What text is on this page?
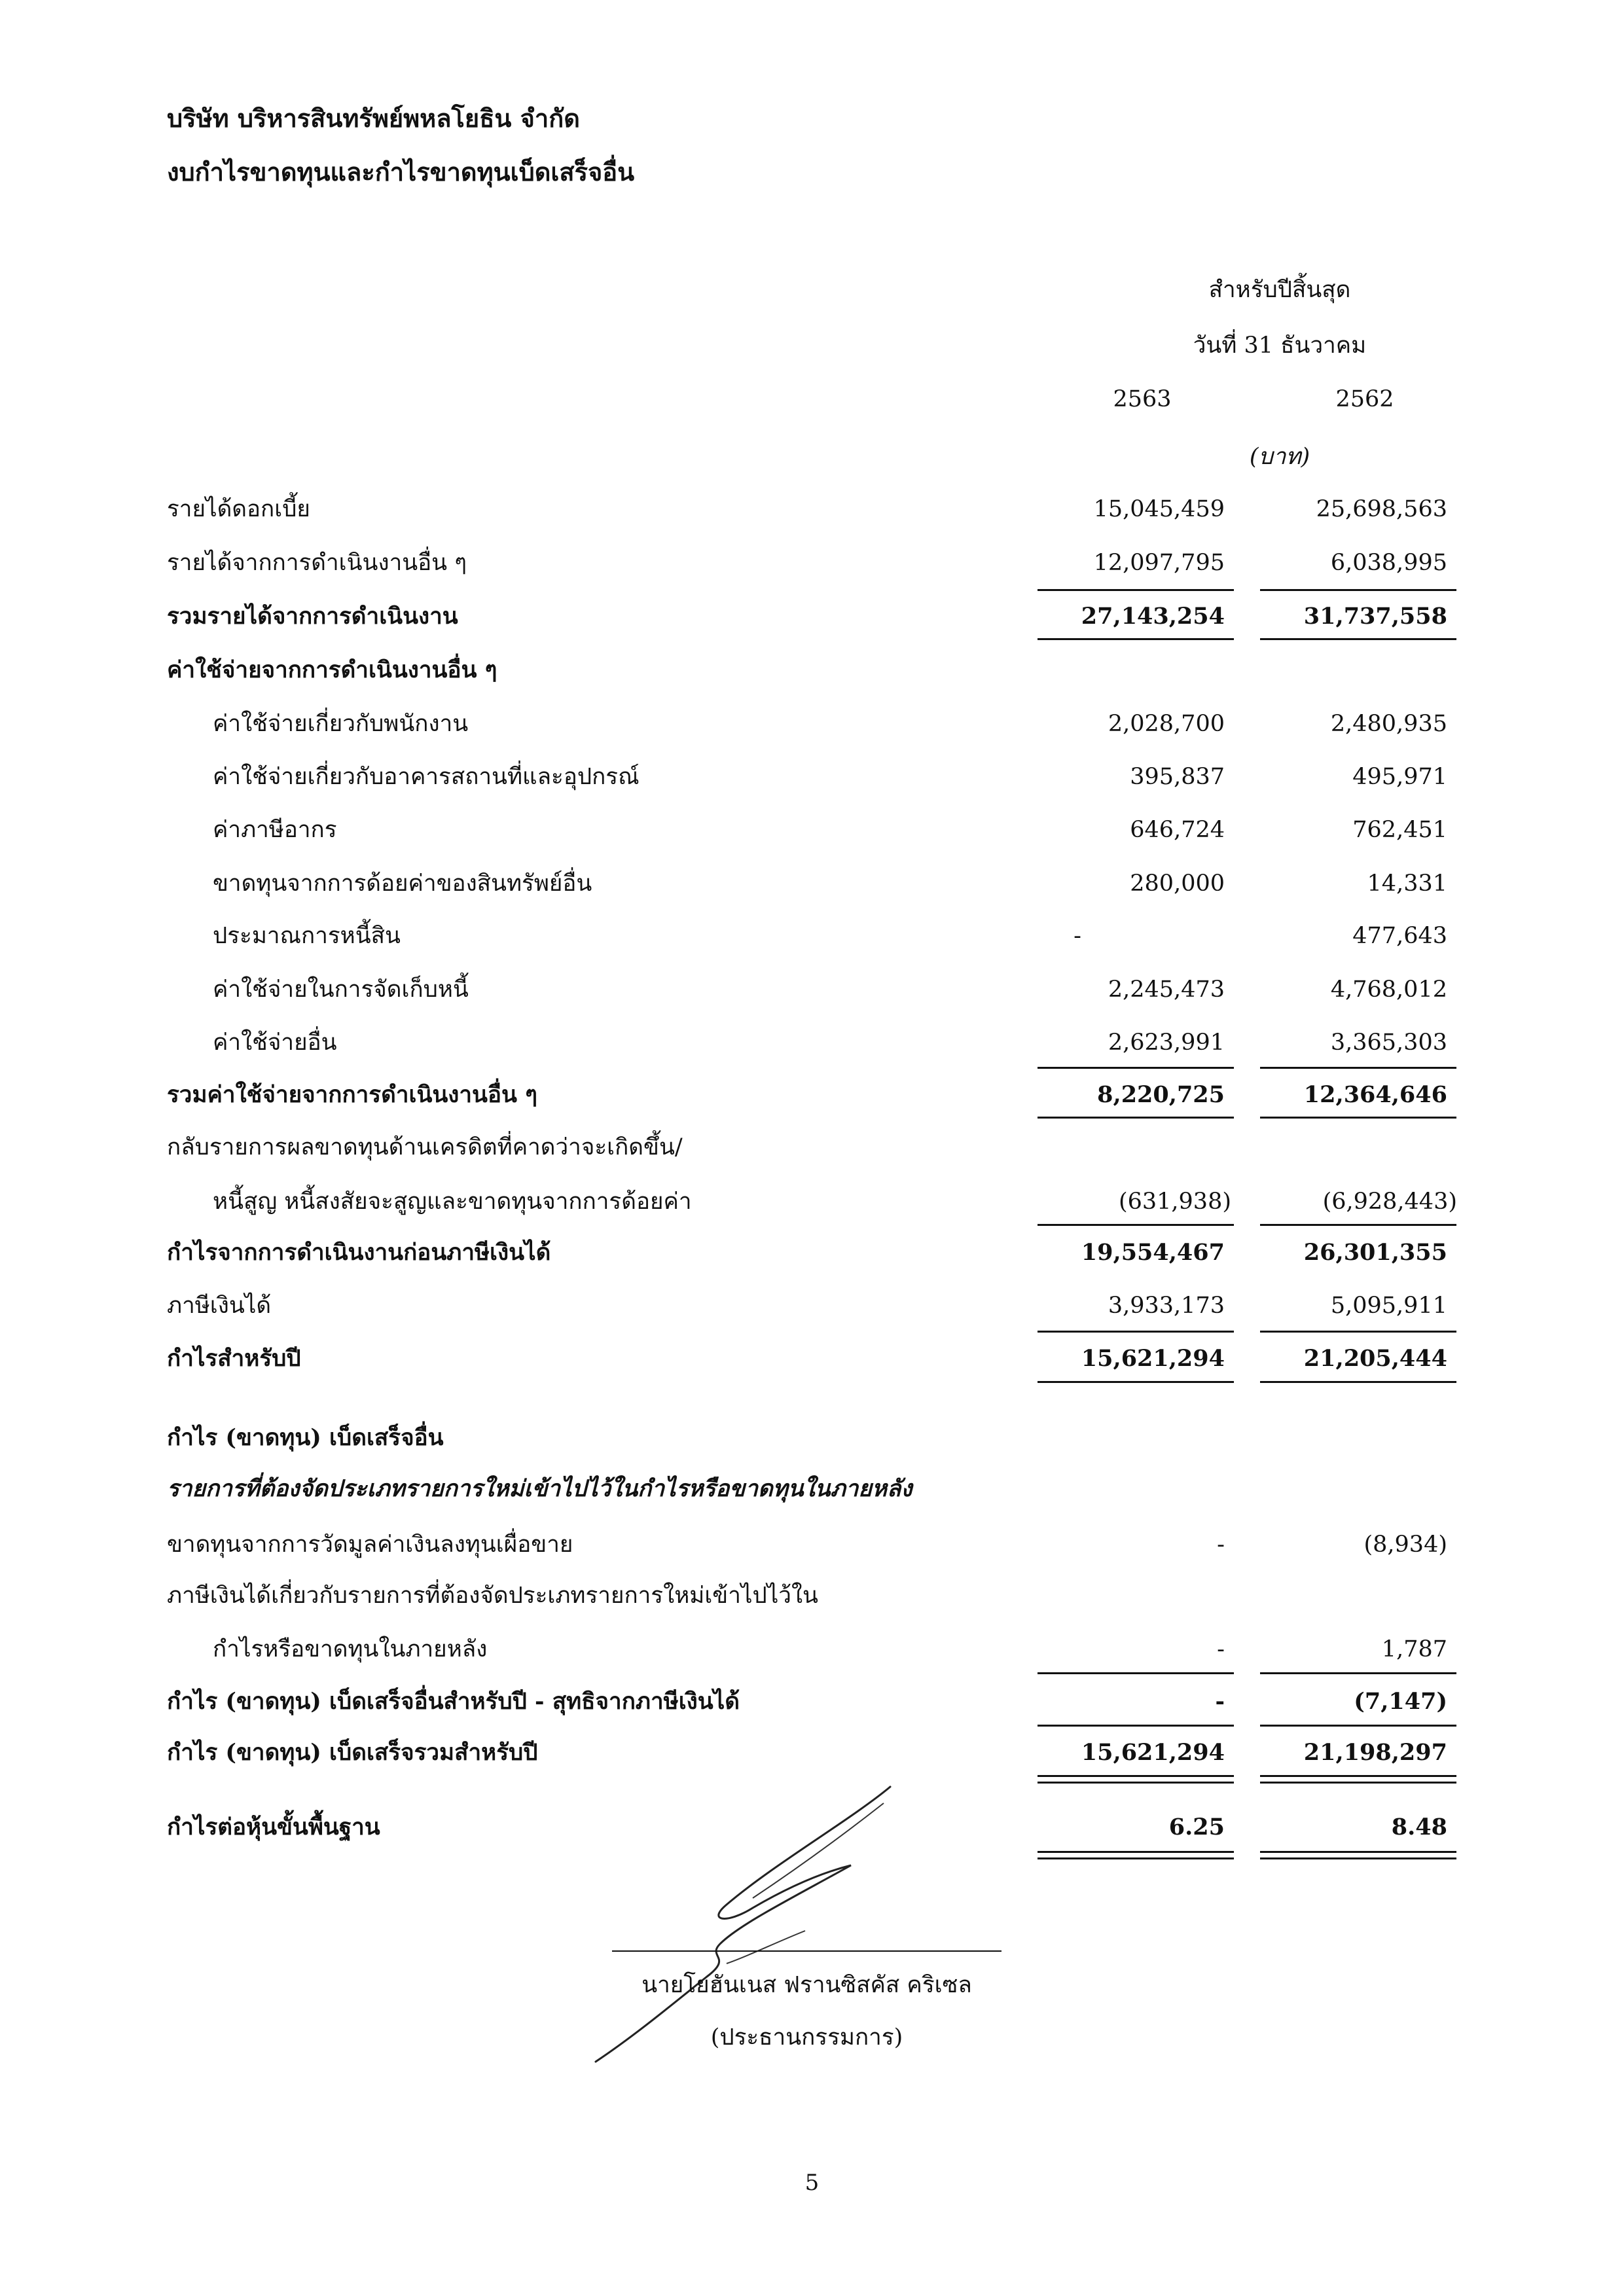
บริษัท บริหารสินทรัพย์พหลโยธิน จำกัด
งบกำไรขาดทุนและกำไรขาดทุนเบ็ดเสร็จอื่น
สำหรับปีสิ้นสุด
วันที่ 31 ธันวาคม
2563	2562
(บาท)
รายได้ดอกเบี้ย	15,045,459	25,698,563
รายได้จากการดำเนินงานอื่น ๆ	12,097,795	6,038,995
รวมรายได้จากการดำเนินงาน	27,143,254	31,737,558
ค่าใช้จ่ายจากการดำเนินงานอื่น ๆ
ค่าใช้จ่ายเกี่ยวกับพนักงาน	2,028,700	2,480,935
ค่าใช้จ่ายเกี่ยวกับอาคารสถานที่และอุปกรณ์	395,837	495,971
ค่าภาษีอากร	646,724	762,451
ขาดทุนจากการด้อยค่าของสินทรัพย์อื่น	280,000	14,331
ประมาณการหนี้สิน	-	477,643
ค่าใช้จ่ายในการจัดเก็บหนี้	2,245,473	4,768,012
ค่าใช้จ่ายอื่น	2,623,991	3,365,303
รวมค่าใช้จ่ายจากการดำเนินงานอื่น ๆ	8,220,725	12,364,646
กลับรายการผลขาดทุนด้านเครดิตที่คาดว่าจะเกิดขึ้น/
หนี้สูญ หนี้สงสัยจะสูญและขาดทุนจากการด้อยค่า	(631,938)	(6,928,443)
กำไรจากการดำเนินงานก่อนภาษีเงินได้	19,554,467	26,301,355
ภาษีเงินได้	3,933,173	5,095,911
กำไรสำหรับปี	15,621,294	21,205,444
กำไร (ขาดทุน) เบ็ดเสร็จอื่น
รายการที่ต้องจัดประเภทรายการใหม่เข้าไปไว้ในกำไรหรือขาดทุนในภายหลัง
ขาดทุนจากการวัดมูลค่าเงินลงทุนเผื่อขาย	-	(8,934)
ภาษีเงินได้เกี่ยวกับรายการที่ต้องจัดประเภทรายการใหม่เข้าไปไว้ใน
กำไรหรือขาดทุนในภายหลัง	-	1,787
กำไร (ขาดทุน) เบ็ดเสร็จอื่นสำหรับปี - สุทธิจากภาษีเงินได้	-	(7,147)
กำไร (ขาดทุน) เบ็ดเสร็จรวมสำหรับปี	15,621,294	21,198,297
กำไรต่อหุ้นขั้นพื้นฐาน	6.25	8.48
นายโยฮันเนส ฟรานซิสคัส คริเซล
(ประธานกรรมการ)
5
